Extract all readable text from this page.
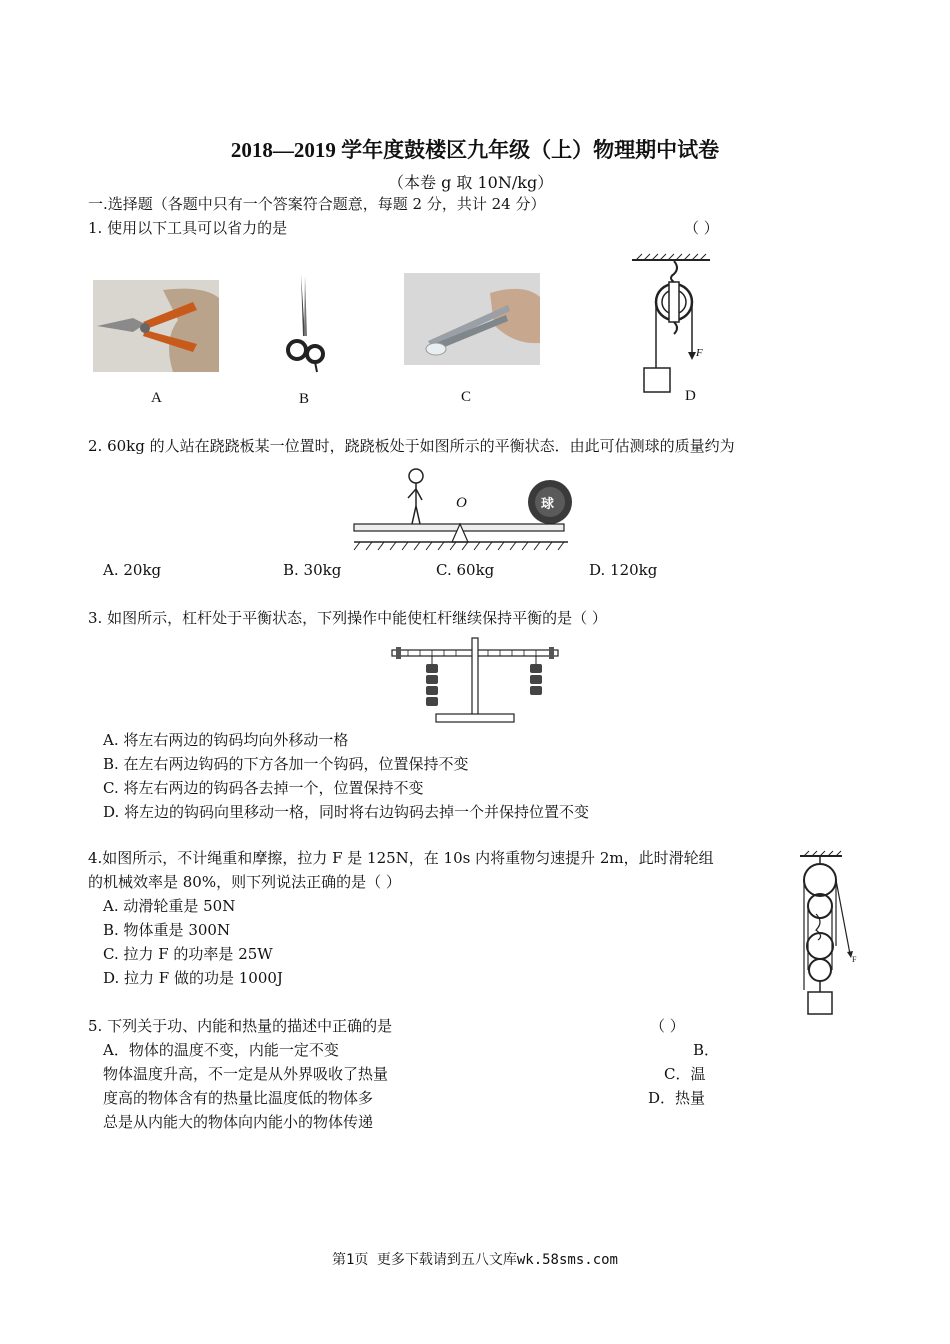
2018—2019 学年度鼓楼区九年级（上）物理期中试卷
（本卷 g 取 10N/kg）
一.选择题（各题中只有一个答案符合题意，每题 2 分，共计 24 分）
1. 使用以下工具可以省力的是	（ ）
F
A	B	C	D
2. 60kg 的人站在跷跷板某一位置时，跷跷板处于如图所示的平衡状态．由此可估测球的质量约为
O	球
A. 20kg	B. 30kg	C. 60kg	D. 120kg
3. 如图所示，杠杆处于平衡状态，下列操作中能使杠杆继续保持平衡的是（ ）
A. 将左右两边的钩码均向外移动一格
B. 在左右两边钩码的下方各加一个钩码，位置保持不变
C. 将左右两边的钩码各去掉一个，位置保持不变
D. 将左边的钩码向里移动一格，同时将右边钩码去掉一个并保持位置不变
4.如图所示，不计绳重和摩擦，拉力 F 是 125N，在 10s 内将重物匀速提升 2m，此时滑轮组
的机械效率是 80%，则下列说法正确的是（ ）
A. 动滑轮重是 50N
B. 物体重是 300N
C. 拉力 F 的功率是 25W
D. 拉力 F 做的功是 1000J
F
5. 下列关于功、内能和热量的描述中正确的是	（ ）
A．物体的温度不变，内能一定不变	B．
物体温度升高，不一定是从外界吸收了热量	C．温
度高的物体含有的热量比温度低的物体多	D．热量
总是从内能大的物体向内能小的物体传递
第1页 更多下载请到五八文库wk.58sms.com
